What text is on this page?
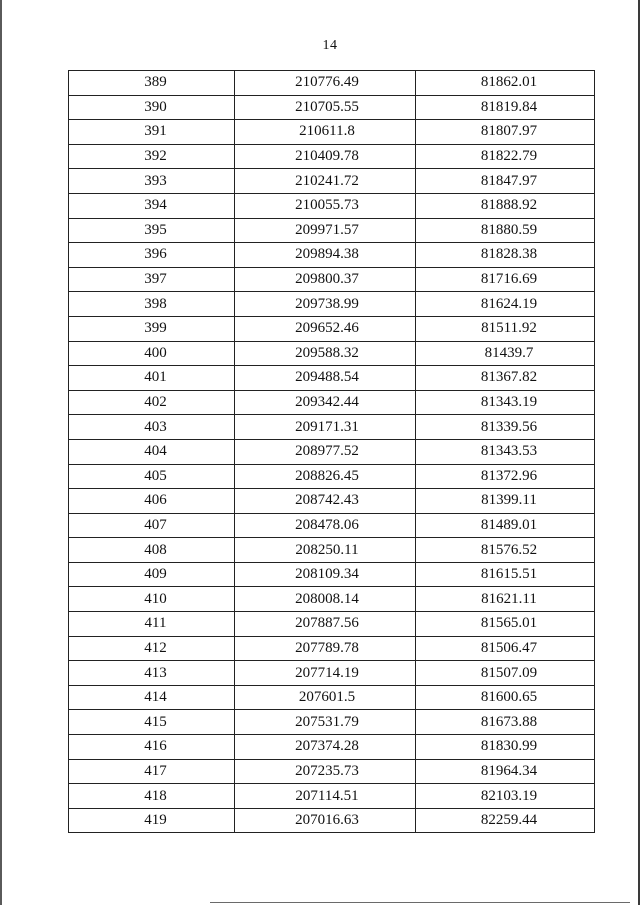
14
389	210776.49	81862.01
390	210705.55	81819.84
391	210611.8	81807.97
392	210409.78	81822.79
393	210241.72	81847.97
394	210055.73	81888.92
395	209971.57	81880.59
396	209894.38	81828.38
397	209800.37	81716.69
398	209738.99	81624.19
399	209652.46	81511.92
400	209588.32	81439.7
401	209488.54	81367.82
402	209342.44	81343.19
403	209171.31	81339.56
404	208977.52	81343.53
405	208826.45	81372.96
406	208742.43	81399.11
407	208478.06	81489.01
408	208250.11	81576.52
409	208109.34	81615.51
410	208008.14	81621.11
411	207887.56	81565.01
412	207789.78	81506.47
413	207714.19	81507.09
414	207601.5	81600.65
415	207531.79	81673.88
416	207374.28	81830.99
417	207235.73	81964.34
418	207114.51	82103.19
419	207016.63	82259.44
